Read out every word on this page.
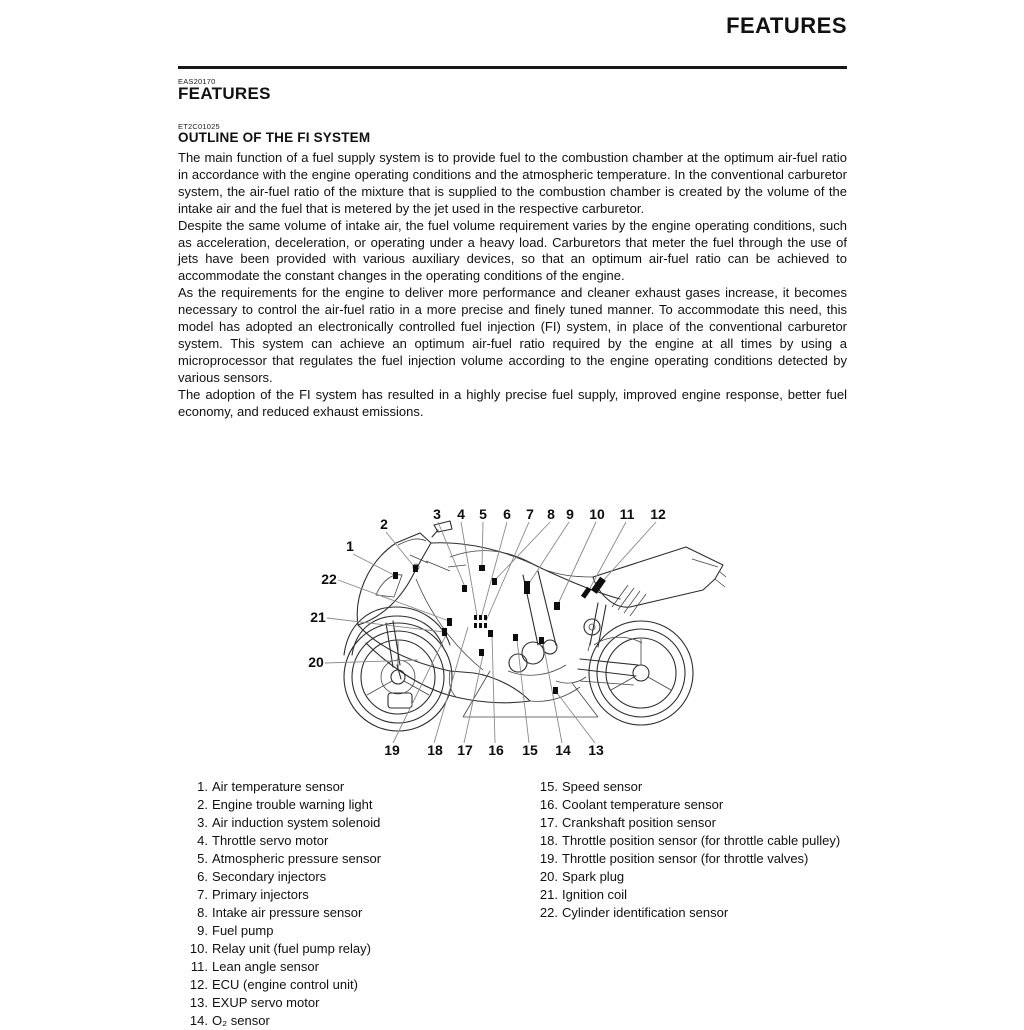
FEATURES
EAS20170
FEATURES
ET2C01025
OUTLINE OF THE FI SYSTEM

The main function of a fuel supply system is to provide fuel to the combustion chamber at the optimum air-fuel ratio in accordance with the engine operating conditions and the atmospheric temperature. In the conventional carburetor system, the air-fuel ratio of the mixture that is supplied to the combustion chamber is created by the volume of the intake air and the fuel that is metered by the jet used in the respective carburetor.

Despite the same volume of intake air, the fuel volume requirement varies by the engine operating conditions, such as acceleration, deceleration, or operating under a heavy load. Carburetors that meter the fuel through the use of jets have been provided with various auxiliary devices, so that an optimum air-fuel ratio can be achieved to accommodate the constant changes in the operating conditions of the engine.

As the requirements for the engine to deliver more performance and cleaner exhaust gases increase, it becomes necessary to control the air-fuel ratio in a more precise and finely tuned manner. To accommodate this need, this model has adopted an electronically controlled fuel injection (FI) system, in place of the conventional carburetor system. This system can achieve an optimum air-fuel ratio required by the engine at all times by using a microprocessor that regulates the fuel injection volume according to the engine operating conditions detected by various sensors.

The adoption of the FI system has resulted in a highly precise fuel supply, improved engine response, better fuel economy, and reduced exhaust emissions.

1
2
3 4 5 6 7 8 9 10 11 12
13
14
15
16
17
18
19
20
21
22
1. Air temperature sensor
2. Engine trouble warning light
3. Air induction system solenoid
4. Throttle servo motor
5. Atmospheric pressure sensor
6. Secondary injectors
7. Primary injectors
8. Intake air pressure sensor
9. Fuel pump
10. Relay unit (fuel pump relay)
11. Lean angle sensor
12. ECU (engine control unit)
13. EXUP servo motor
14. O₂ sensor
15. Speed sensor
16. Coolant temperature sensor
17. Crankshaft position sensor
18. Throttle position sensor (for throttle cable pulley)
19. Throttle position sensor (for throttle valves)
20. Spark plug
21. Ignition coil
22. Cylinder identification sensor
